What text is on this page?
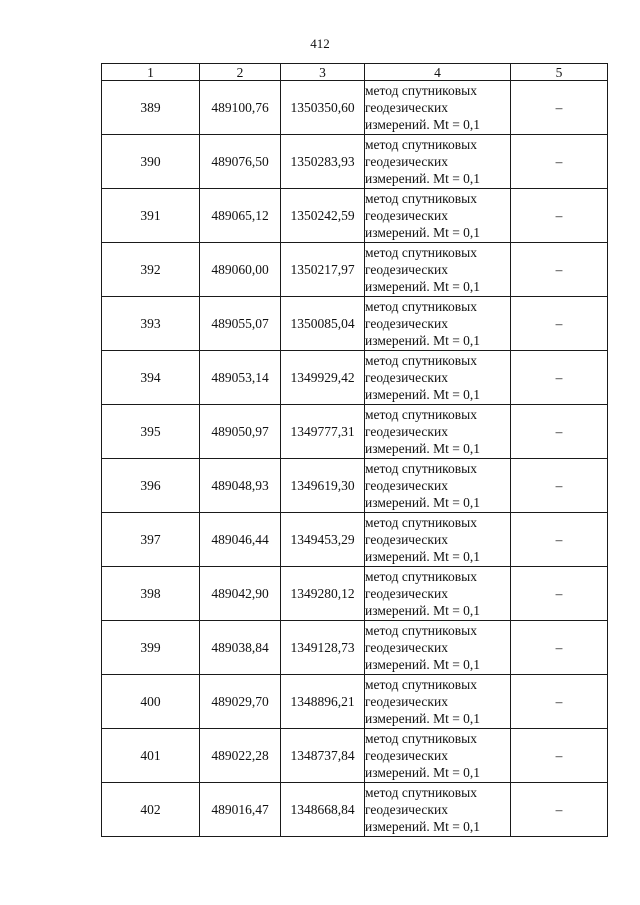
412
1	2	3	4	5
389	489100,76	1350350,60	метод спутниковых
геодезических
измерений. Mt = 0,1	–
390	489076,50	1350283,93	метод спутниковых
геодезических
измерений. Mt = 0,1	–
391	489065,12	1350242,59	метод спутниковых
геодезических
измерений. Mt = 0,1	–
392	489060,00	1350217,97	метод спутниковых
геодезических
измерений. Mt = 0,1	–
393	489055,07	1350085,04	метод спутниковых
геодезических
измерений. Mt = 0,1	–
394	489053,14	1349929,42	метод спутниковых
геодезических
измерений. Mt = 0,1	–
395	489050,97	1349777,31	метод спутниковых
геодезических
измерений. Mt = 0,1	–
396	489048,93	1349619,30	метод спутниковых
геодезических
измерений. Mt = 0,1	–
397	489046,44	1349453,29	метод спутниковых
геодезических
измерений. Mt = 0,1	–
398	489042,90	1349280,12	метод спутниковых
геодезических
измерений. Mt = 0,1	–
399	489038,84	1349128,73	метод спутниковых
геодезических
измерений. Mt = 0,1	–
400	489029,70	1348896,21	метод спутниковых
геодезических
измерений. Mt = 0,1	–
401	489022,28	1348737,84	метод спутниковых
геодезических
измерений. Mt = 0,1	–
402	489016,47	1348668,84	метод спутниковых
геодезических
измерений. Mt = 0,1	–
